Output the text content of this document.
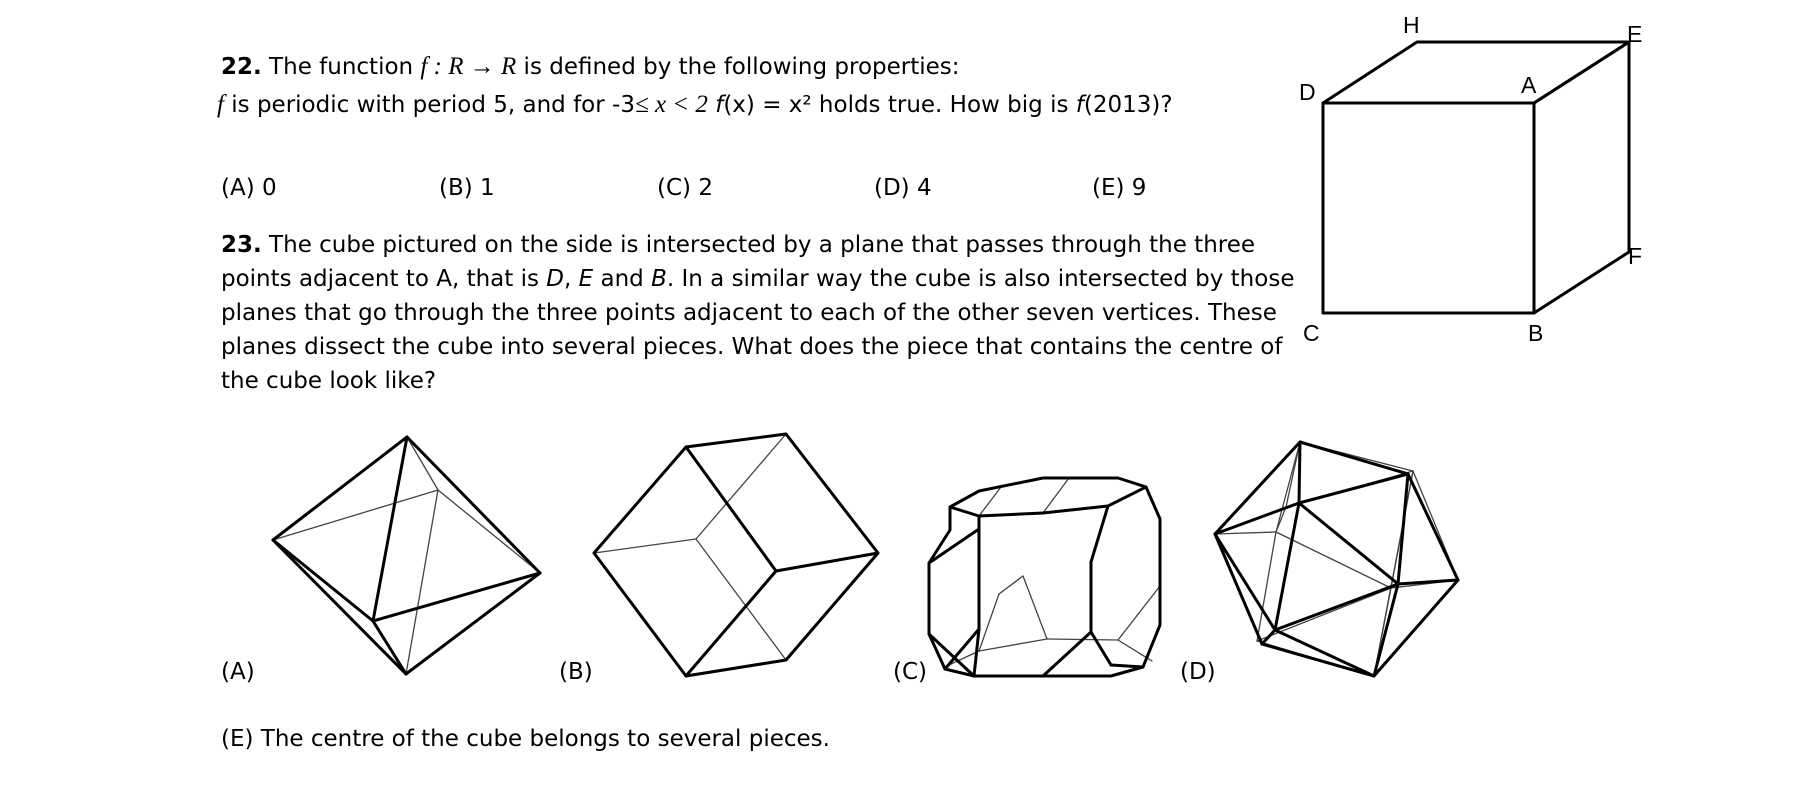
22. The function f : R → R is defined by the following properties:
f is periodic with period 5, and for -3≤ x < 2 f(x) = x² holds true. How big is f(2013)?
(A) 0	(B) 1	(C) 2	(D) 4	(E) 9
23. The cube pictured on the side is intersected by a plane that passes through the three
points adjacent to A, that is D, E and B. In a similar way the cube is also intersected by those
planes that go through the three points adjacent to each of the other seven vertices. These
planes dissect the cube into several pieces. What does the piece that contains the centre of
the cube look like?
(A)	(B)	(C)	(D)
(E) The centre of the cube belongs to several pieces.
H	E
D	A
F
C	B
